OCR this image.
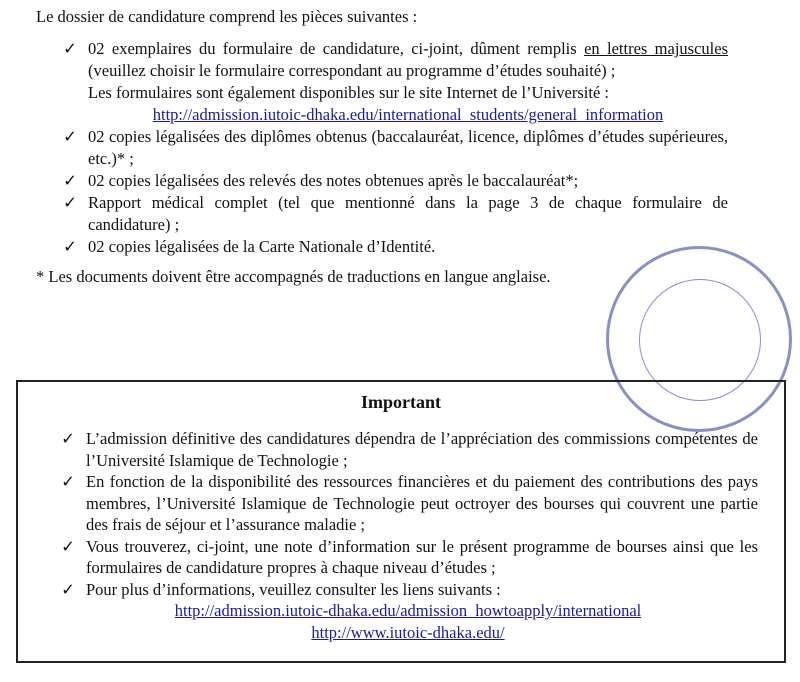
Le dossier de candidature comprend les pièces suivantes :
✓ 02 exemplaires du formulaire de candidature, ci-joint, dûment remplis en lettres majuscules (veuillez choisir le formulaire correspondant au programme d’études souhaité) ;
Les formulaires sont également disponibles sur le site Internet de l’Université :
http://admission.iutoic-dhaka.edu/international_students/general_information
✓ 02 copies légalisées des diplômes obtenus (baccalauréat, licence, diplômes d’études supérieures, etc.)* ;
✓ 02 copies légalisées des relevés des notes obtenues après le baccalauréat*;
✓ Rapport médical complet (tel que mentionné dans la page 3 de chaque formulaire de candidature) ;
✓ 02 copies légalisées de la Carte Nationale d’Identité.
* Les documents doivent être accompagnés de traductions en langue anglaise.
Important
✓ L’admission définitive des candidatures dépendra de l’appréciation des commissions compétentes de l’Université Islamique de Technologie ;
✓ En fonction de la disponibilité des ressources financières et du paiement des contributions des pays membres, l’Université Islamique de Technologie peut octroyer des bourses qui couvrent une partie des frais de séjour et l’assurance maladie ;
✓ Vous trouverez, ci-joint, une note d’information sur le présent programme de bourses ainsi que les formulaires de candidature propres à chaque niveau d’études ;
✓ Pour plus d’informations, veuillez consulter les liens suivants :
http://admission.iutoic-dhaka.edu/admission_howtoapply/international
http://www.iutoic-dhaka.edu/
